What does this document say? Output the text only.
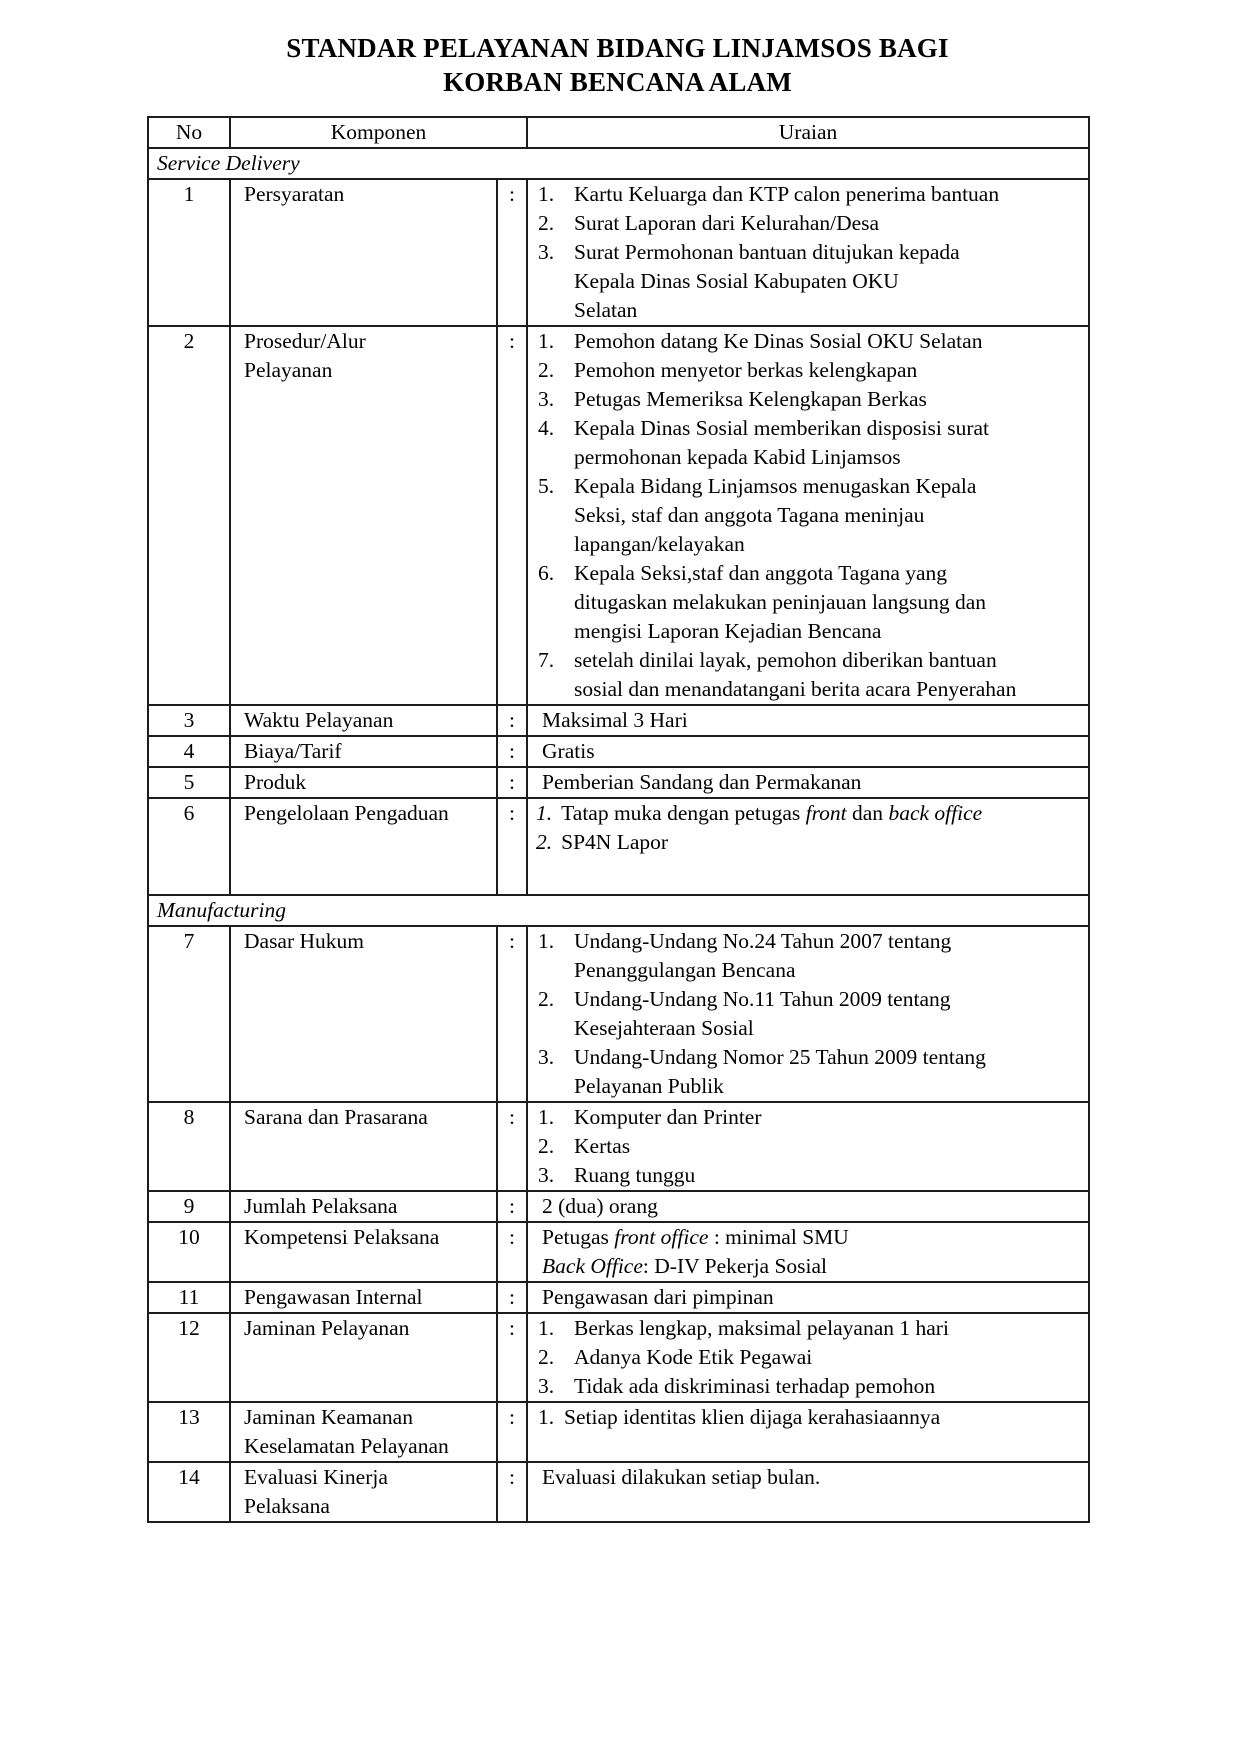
STANDAR PELAYANAN BIDANG LINJAMSOS BAGI
KORBAN BENCANA ALAM
No	Komponen		Uraian
Service Delivery			
1	Persyaratan	:	1. Kartu Keluarga dan KTP calon penerima bantuan
2. Surat Laporan dari Kelurahan/Desa
3. Surat Permohonan bantuan ditujukan kepada
Kepala Dinas Sosial Kabupaten OKU
Selatan

2	Prosedur/Alur
Pelayanan	:	1. Pemohon datang Ke Dinas Sosial OKU Selatan
2. Pemohon menyetor berkas kelengkapan
3. Petugas Memeriksa Kelengkapan Berkas
4. Kepala Dinas Sosial memberikan disposisi surat
permohonan kepada Kabid Linjamsos
5. Kepala Bidang Linjamsos menugaskan Kepala
Seksi, staf dan anggota Tagana meninjau
lapangan/kelayakan
6. Kepala Seksi,staf dan anggota Tagana yang
ditugaskan melakukan peninjauan langsung dan
mengisi Laporan Kejadian Bencana
7. setelah dinilai layak, pemohon diberikan bantuan
sosial dan menandatangani berita acara Penyerahan

3	Waktu Pelayanan	:	Maksimal 3 Hari

4	Biaya/Tarif	:	Gratis

5	Produk	:	Pemberian Sandang dan Permakanan

6	Pengelolaan Pengaduan	:	1. Tatap muka dengan petugas front dan back office
2. SP4N Lapor

Manufacturing			
7	Dasar Hukum	:	1. Undang-Undang No.24 Tahun 2007 tentang
Penanggulangan Bencana
2. Undang-Undang No.11 Tahun 2009 tentang
Kesejahteraan Sosial
3. Undang-Undang Nomor 25 Tahun 2009 tentang
Pelayanan Publik

8	Sarana dan Prasarana	:	1. Komputer dan Printer
2. Kertas
3. Ruang tunggu

9	Jumlah Pelaksana	:	2 (dua) orang

10	Kompetensi Pelaksana	:	Petugas front office : minimal SMU
Back Office: D-IV Pekerja Sosial

11	Pengawasan Internal	:	Pengawasan dari pimpinan

12	Jaminan Pelayanan	:	1. Berkas lengkap, maksimal pelayanan 1 hari
2. Adanya Kode Etik Pegawai
3. Tidak ada diskriminasi terhadap pemohon

13	Jaminan Keamanan
Keselamatan Pelayanan	:	1. Setiap identitas klien dijaga kerahasiaannya

14	Evaluasi Kinerja
Pelaksana	:	Evaluasi dilakukan setiap bulan.
